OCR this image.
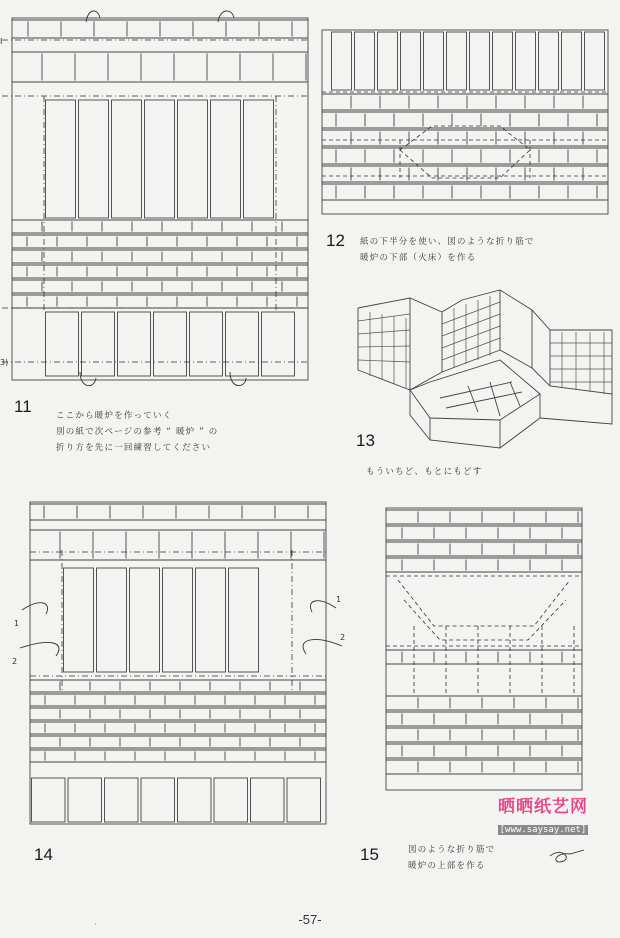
I
3)
11	ここから暖炉を作っていく
別の紙で次ページの参考 “ 暖炉 ” の
折り方を先に一回練習してください
12 紙の下半分を使い、図のような折り筋で
暖炉の下部（火床）を作る
13
もういちど、もとにもどす
1
2
1
2
14	15	図のような折り筋で
暖炉の上部を作る
晒晒纸艺网
[www.saysay.net]
ˎ	-57-
